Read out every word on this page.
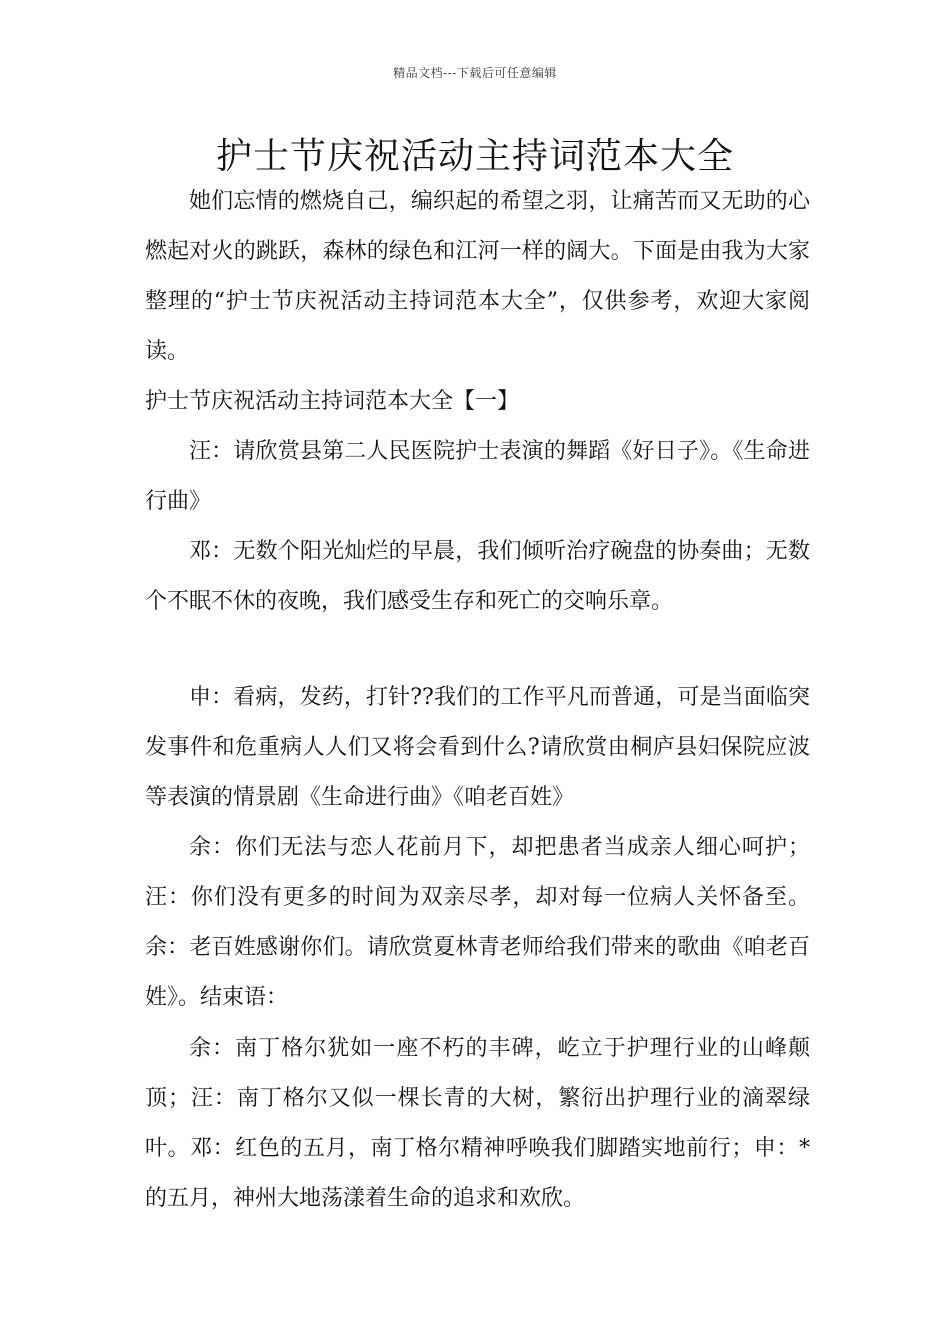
精品文档---下载后可任意编辑
护士节庆祝活动主持词范本大全

她们忘情的燃烧自己，编织起的希望之羽，让痛苦而又无助的心燃起对火的跳跃，森林的绿色和江河一样的阔大。下面是由我为大家整理的“护士节庆祝活动主持词范本大全”，仅供参考，欢迎大家阅读。

护士节庆祝活动主持词范本大全【一】

汪：请欣赏县第二人民医院护士表演的舞蹈《好日子》。《生命进行曲》

邓：无数个阳光灿烂的早晨，我们倾听治疗碗盘的协奏曲；无数个不眠不休的夜晚，我们感受生存和死亡的交响乐章。

申：看病，发药，打针??我们的工作平凡而普通，可是当面临突发事件和危重病人人们又将会看到什么?请欣赏由桐庐县妇保院应波等表演的情景剧《生命进行曲》《咱老百姓》

余：你们无法与恋人花前月下，却把患者当成亲人细心呵护；汪：你们没有更多的时间为双亲尽孝，却对每一位病人关怀备至。余：老百姓感谢你们。请欣赏夏林青老师给我们带来的歌曲《咱老百姓》。结束语：

余：南丁格尔犹如一座不朽的丰碑，屹立于护理行业的山峰颠顶；汪：南丁格尔又似一棵长青的大树，繁衍出护理行业的滴翠绿叶。邓：红色的五月，南丁格尔精神呼唤我们脚踏实地前行；申：*的五月，神州大地荡漾着生命的追求和欢欣。
